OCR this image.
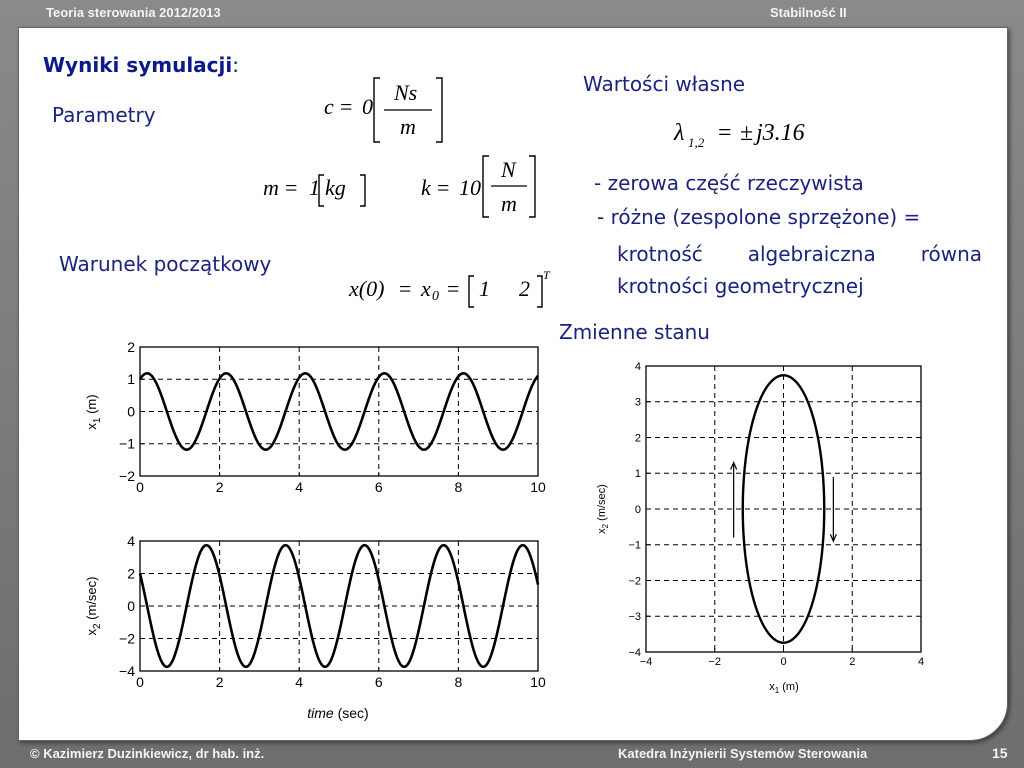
Teoria sterowania 2012/2013	Stabilność II
Wyniki symulacji:
Parametry
Warunek początkowy
Wartości własne
- zerowa część rzeczywista
- różne (zespolone sprzężone) =
krotność algebraiczna równa
krotności geometrycznej
Zmienne stanu
c = 0
Ns
m
m = 1 kg	k = 10
N
m
x(0) = x 0 = 1 2
T
λ 1,2 = ± j3.16
0	2	4	6	8	10
2
1
0
−1
−2
$x_1$ (m)
0	2	4	6	8	10
4
2
0
−2
−4
$x_2$ (m/sec)
time (sec)
−4	−2	0	2	4
4
3
2
1
0
−1
−2
−3
−4
$x_2$ (m/sec)
$x_1$ (m)
© Kazimierz Duzinkiewicz, dr hab. inż.	Katedra Inżynierii Systemów Sterowania	15
